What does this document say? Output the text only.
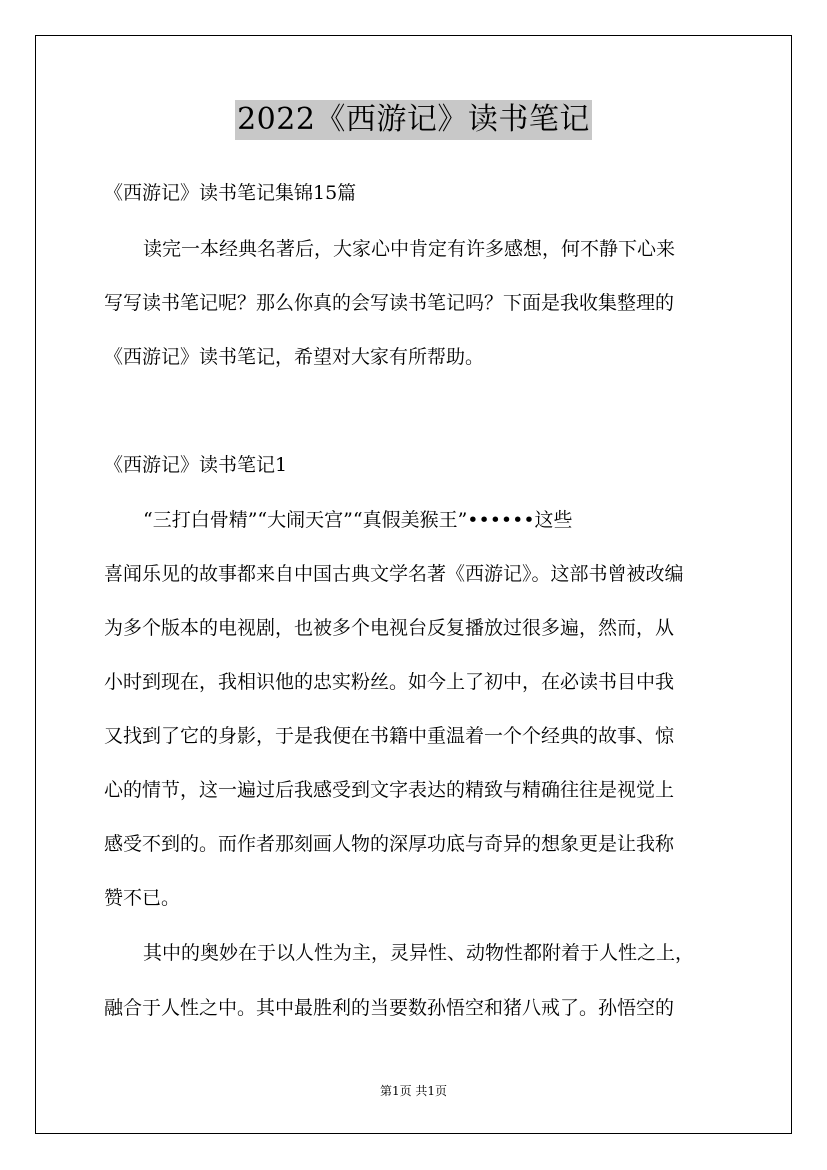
2022《西游记》读书笔记
《西游记》读书笔记集锦15篇
读完一本经典名著后，大家心中肯定有许多感想，何不静下心来
写写读书笔记呢？那么你真的会写读书笔记吗？下面是我收集整理的
《西游记》读书笔记，希望对大家有所帮助。
《西游记》读书笔记1
“三打白骨精”“大闹天宫”“真假美猴王”••••••这些
喜闻乐见的故事都来自中国古典文学名著《西游记》。这部书曾被改编
为多个版本的电视剧，也被多个电视台反复播放过很多遍，然而，从
小时到现在，我相识他的忠实粉丝。如今上了初中，在必读书目中我
又找到了它的身影，于是我便在书籍中重温着一个个经典的故事、惊
心的情节，这一遍过后我感受到文字表达的精致与精确往往是视觉上
感受不到的。而作者那刻画人物的深厚功底与奇异的想象更是让我称
赞不已。
其中的奥妙在于以人性为主，灵异性、动物性都附着于人性之上，
融合于人性之中。其中最胜利的当要数孙悟空和猪八戒了。孙悟空的
第1页 共1页
